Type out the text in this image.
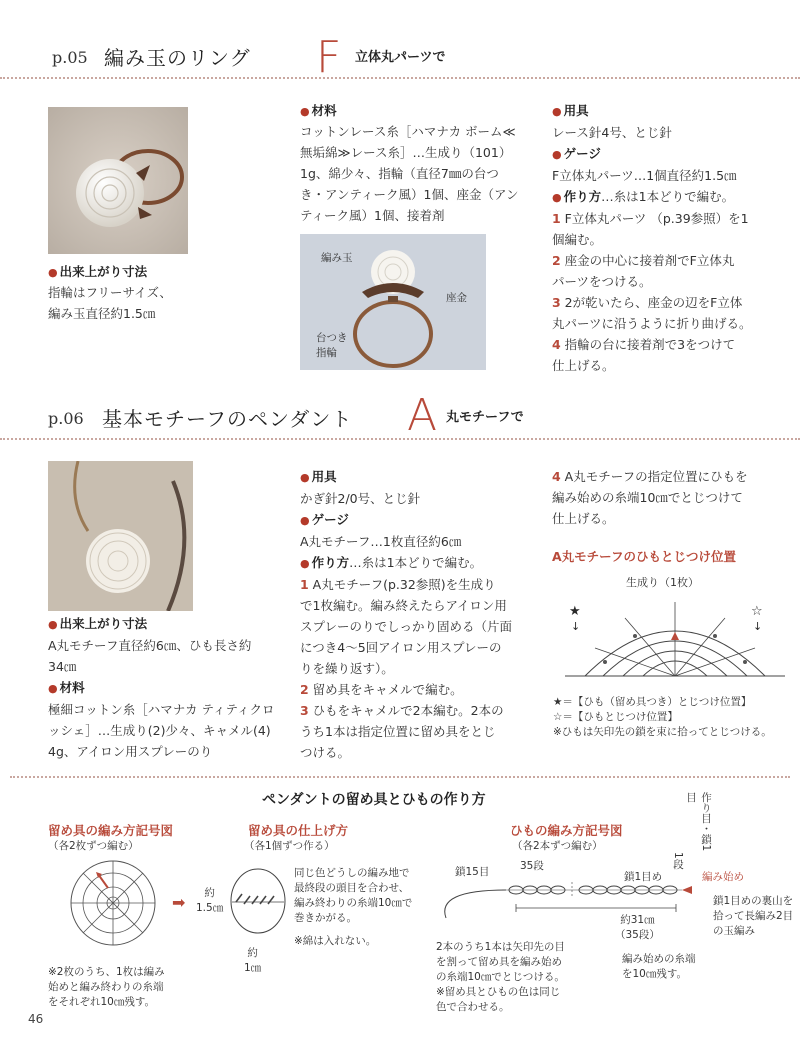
p.05 編み玉のリング F 立体丸パーツで
● 出来上がり寸法
指輪はフリーサイズ、
編み玉直径約1.5㎝
● 材料
コットンレース糸［ハマナカ ボーム≪
無垢綿≫レース糸］…生成り（101）
1g、綿少々、指輪（直径7㎜の台つ
き・アンティーク風）1個、座金（アン
ティーク風）1個、接着剤
編み玉
座金
台つき
指輪
● 用具
レース針4号、とじ針
● ゲージ
F立体丸パーツ…1個直径約1.5㎝
● 作り方…糸は1本どりで編む。
1 F立体丸パーツ （p.39参照）を1
個編む。
2 座金の中心に接着剤でF立体丸
パーツをつける。
3 2が乾いたら、座金の辺をF立体
丸パーツに沿うように折り曲げる。
4 指輪の台に接着剤で3をつけて
仕上げる。
p.06 基本モチーフのペンダント A 丸モチーフで
● 出来上がり寸法
A丸モチーフ直径約6㎝、ひも長さ約
34㎝
● 材料
極細コットン糸［ハマナカ ティティクロ
ッシェ］…生成り(2)少々、キャメル(4)
4g、アイロン用スプレーのり
● 用具
かぎ針2/0号、とじ針
● ゲージ
A丸モチーフ…1枚直径約6㎝
● 作り方…糸は1本どりで編む。
1 A丸モチーフ(p.32参照)を生成り
で1枚編む。編み終えたらアイロン用
スプレーのりでしっかり固める（片面
につき4～5回アイロン用スプレーの
りを繰り返す）。
2 留め具をキャメルで編む。
3 ひもをキャメルで2本編む。2本の
うち1本は指定位置に留め具をとじ
つける。
4 A丸モチーフの指定位置にひもを
編み始めの糸端10㎝でとじつけて
仕上げる。
A丸モチーフのひもとじつけ位置
生成り（1枚）
★	☆
↓	↓
★＝【ひも（留め具つき）とじつけ位置】
☆＝【ひもとじつけ位置】
※ひもは矢印先の鎖を束に拾ってとじつける。
ペンダントの留め具とひもの作り方
留め具の編み方記号図
（各2枚ずつ編む）
➡
※2枚のうち、1枚は編み
始めと編み終わりの糸端
をそれぞれ10㎝残す。
留め具の仕上げ方
（各1個ずつ作る）
約
1.5㎝
約
1㎝
同じ色どうしの編み地で
最終段の頭目を合わせ、
編み終わりの糸端10㎝で
巻きかがる。
※綿は入れない。
ひもの編み方記号図
（各2本ずつ編む）	作り目・鎖1目
1段
鎖15目	35段
鎖1目め	編み始め
約31㎝
（35段）
編み始めの糸端
を10㎝残す。
鎖1目めの裏山を
拾って長編み2目
の玉編み
2本のうち1本は矢印先の目
を割って留め具を編み始め
の糸端10㎝でとじつける。
※留め具とひもの色は同じ
色で合わせる。
46
